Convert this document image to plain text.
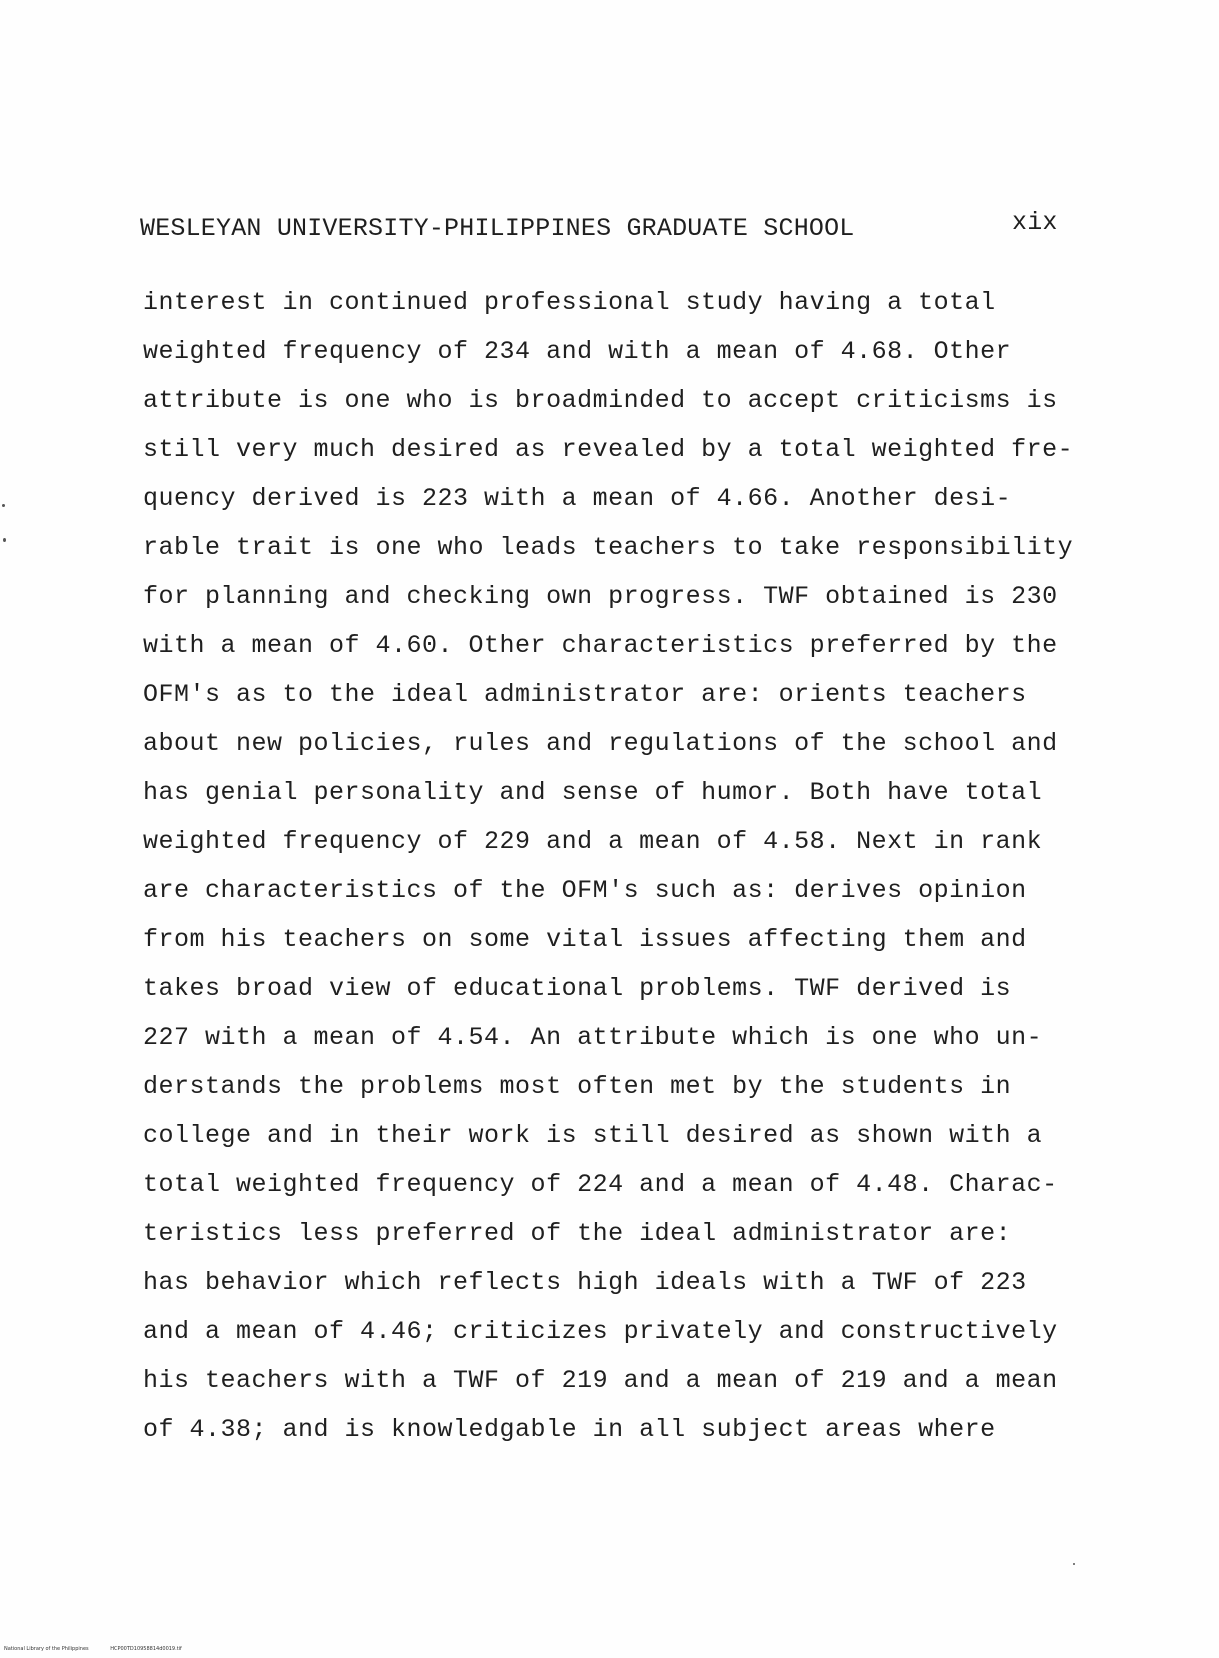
WESLEYAN UNIVERSITY-PHILIPPINES GRADUATE SCHOOL	xix
interest in continued professional study having a total
weighted frequency of 234 and with a mean of 4.68. Other
attribute is one who is broadminded to accept criticisms is
still very much desired as revealed by a total weighted fre-
quency derived is 223 with a mean of 4.66. Another desi-
rable trait is one who leads teachers to take responsibility
for planning and checking own progress. TWF obtained is 230
with a mean of 4.60. Other characteristics preferred by the
OFM's as to the ideal administrator are: orients teachers
about new policies, rules and regulations of the school and
has genial personality and sense of humor. Both have total
weighted frequency of 229 and a mean of 4.58. Next in rank
are characteristics of the OFM's such as: derives opinion
from his teachers on some vital issues affecting them and
takes broad view of educational problems. TWF derived is
227 with a mean of 4.54. An attribute which is one who un-
derstands the problems most often met by the students in
college and in their work is still desired as shown with a
total weighted frequency of 224 and a mean of 4.48. Charac-
teristics less preferred of the ideal administrator are:
has behavior which reflects high ideals with a TWF of 223
and a mean of 4.46; criticizes privately and constructively
his teachers with a TWF of 219 and a mean of 219 and a mean
of 4.38; and is knowledgable in all subject areas where
National Library of the Philippines	HCP00TD10958814d0019.tif
